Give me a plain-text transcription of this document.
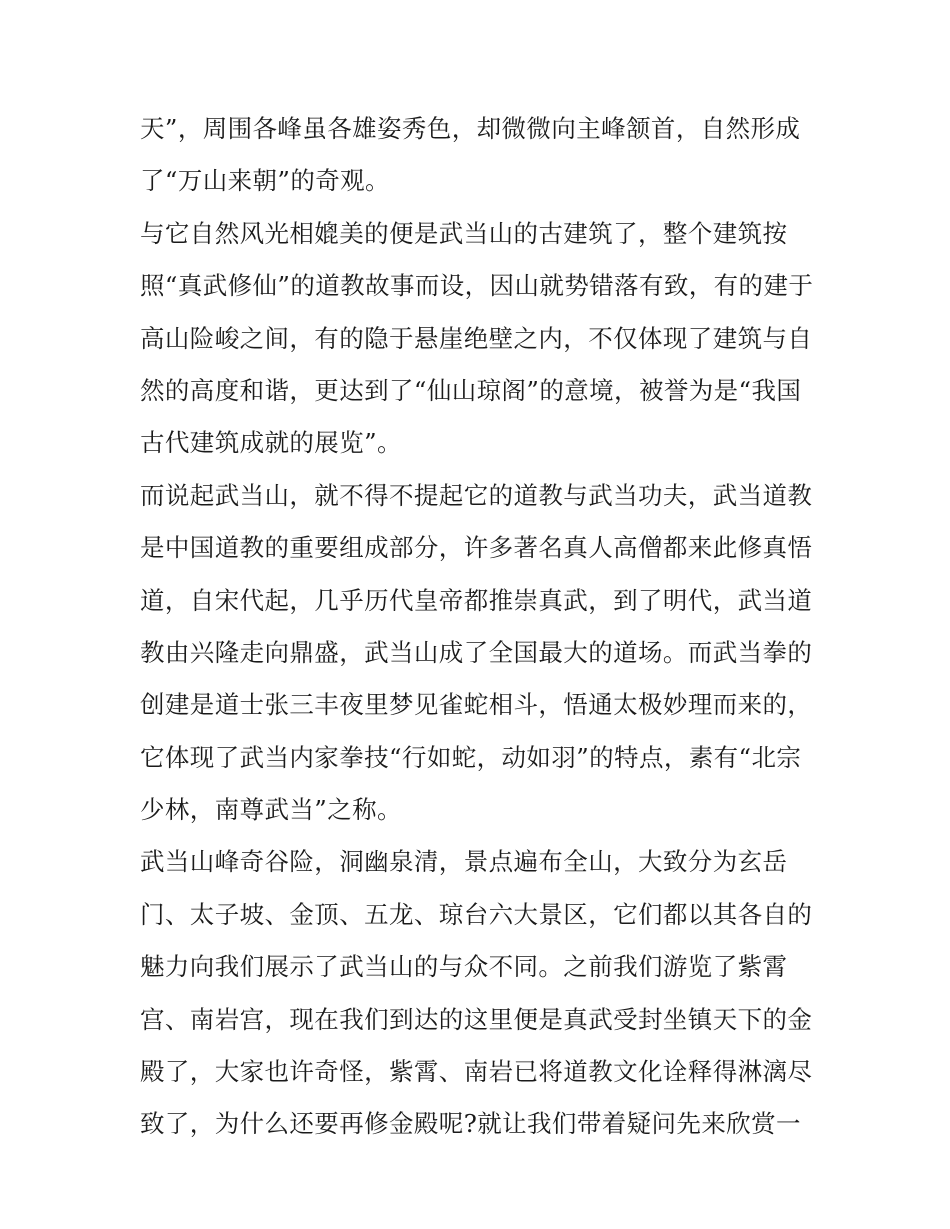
天”，周围各峰虽各雄姿秀色，却微微向主峰颔首，自然形成
了“万山来朝”的奇观。
与它自然风光相媲美的便是武当山的古建筑了，整个建筑按
照“真武修仙”的道教故事而设，因山就势错落有致，有的建于
高山险峻之间，有的隐于悬崖绝壁之内，不仅体现了建筑与自
然的高度和谐，更达到了“仙山琼阁”的意境，被誉为是“我国
古代建筑成就的展览”。
而说起武当山，就不得不提起它的道教与武当功夫，武当道教
是中国道教的重要组成部分，许多著名真人高僧都来此修真悟
道，自宋代起，几乎历代皇帝都推崇真武，到了明代，武当道
教由兴隆走向鼎盛，武当山成了全国最大的道场。而武当拳的
创建是道士张三丰夜里梦见雀蛇相斗，悟通太极妙理而来的，
它体现了武当内家拳技“行如蛇，动如羽”的特点，素有“北宗
少林，南尊武当”之称。
武当山峰奇谷险，洞幽泉清，景点遍布全山，大致分为玄岳
门、太子坡、金顶、五龙、琼台六大景区，它们都以其各自的
魅力向我们展示了武当山的与众不同。之前我们游览了紫霄
宫、南岩宫，现在我们到达的这里便是真武受封坐镇天下的金
殿了，大家也许奇怪，紫霄、南岩已将道教文化诠释得淋漓尽
致了，为什么还要再修金殿呢?就让我们带着疑问先来欣赏一
